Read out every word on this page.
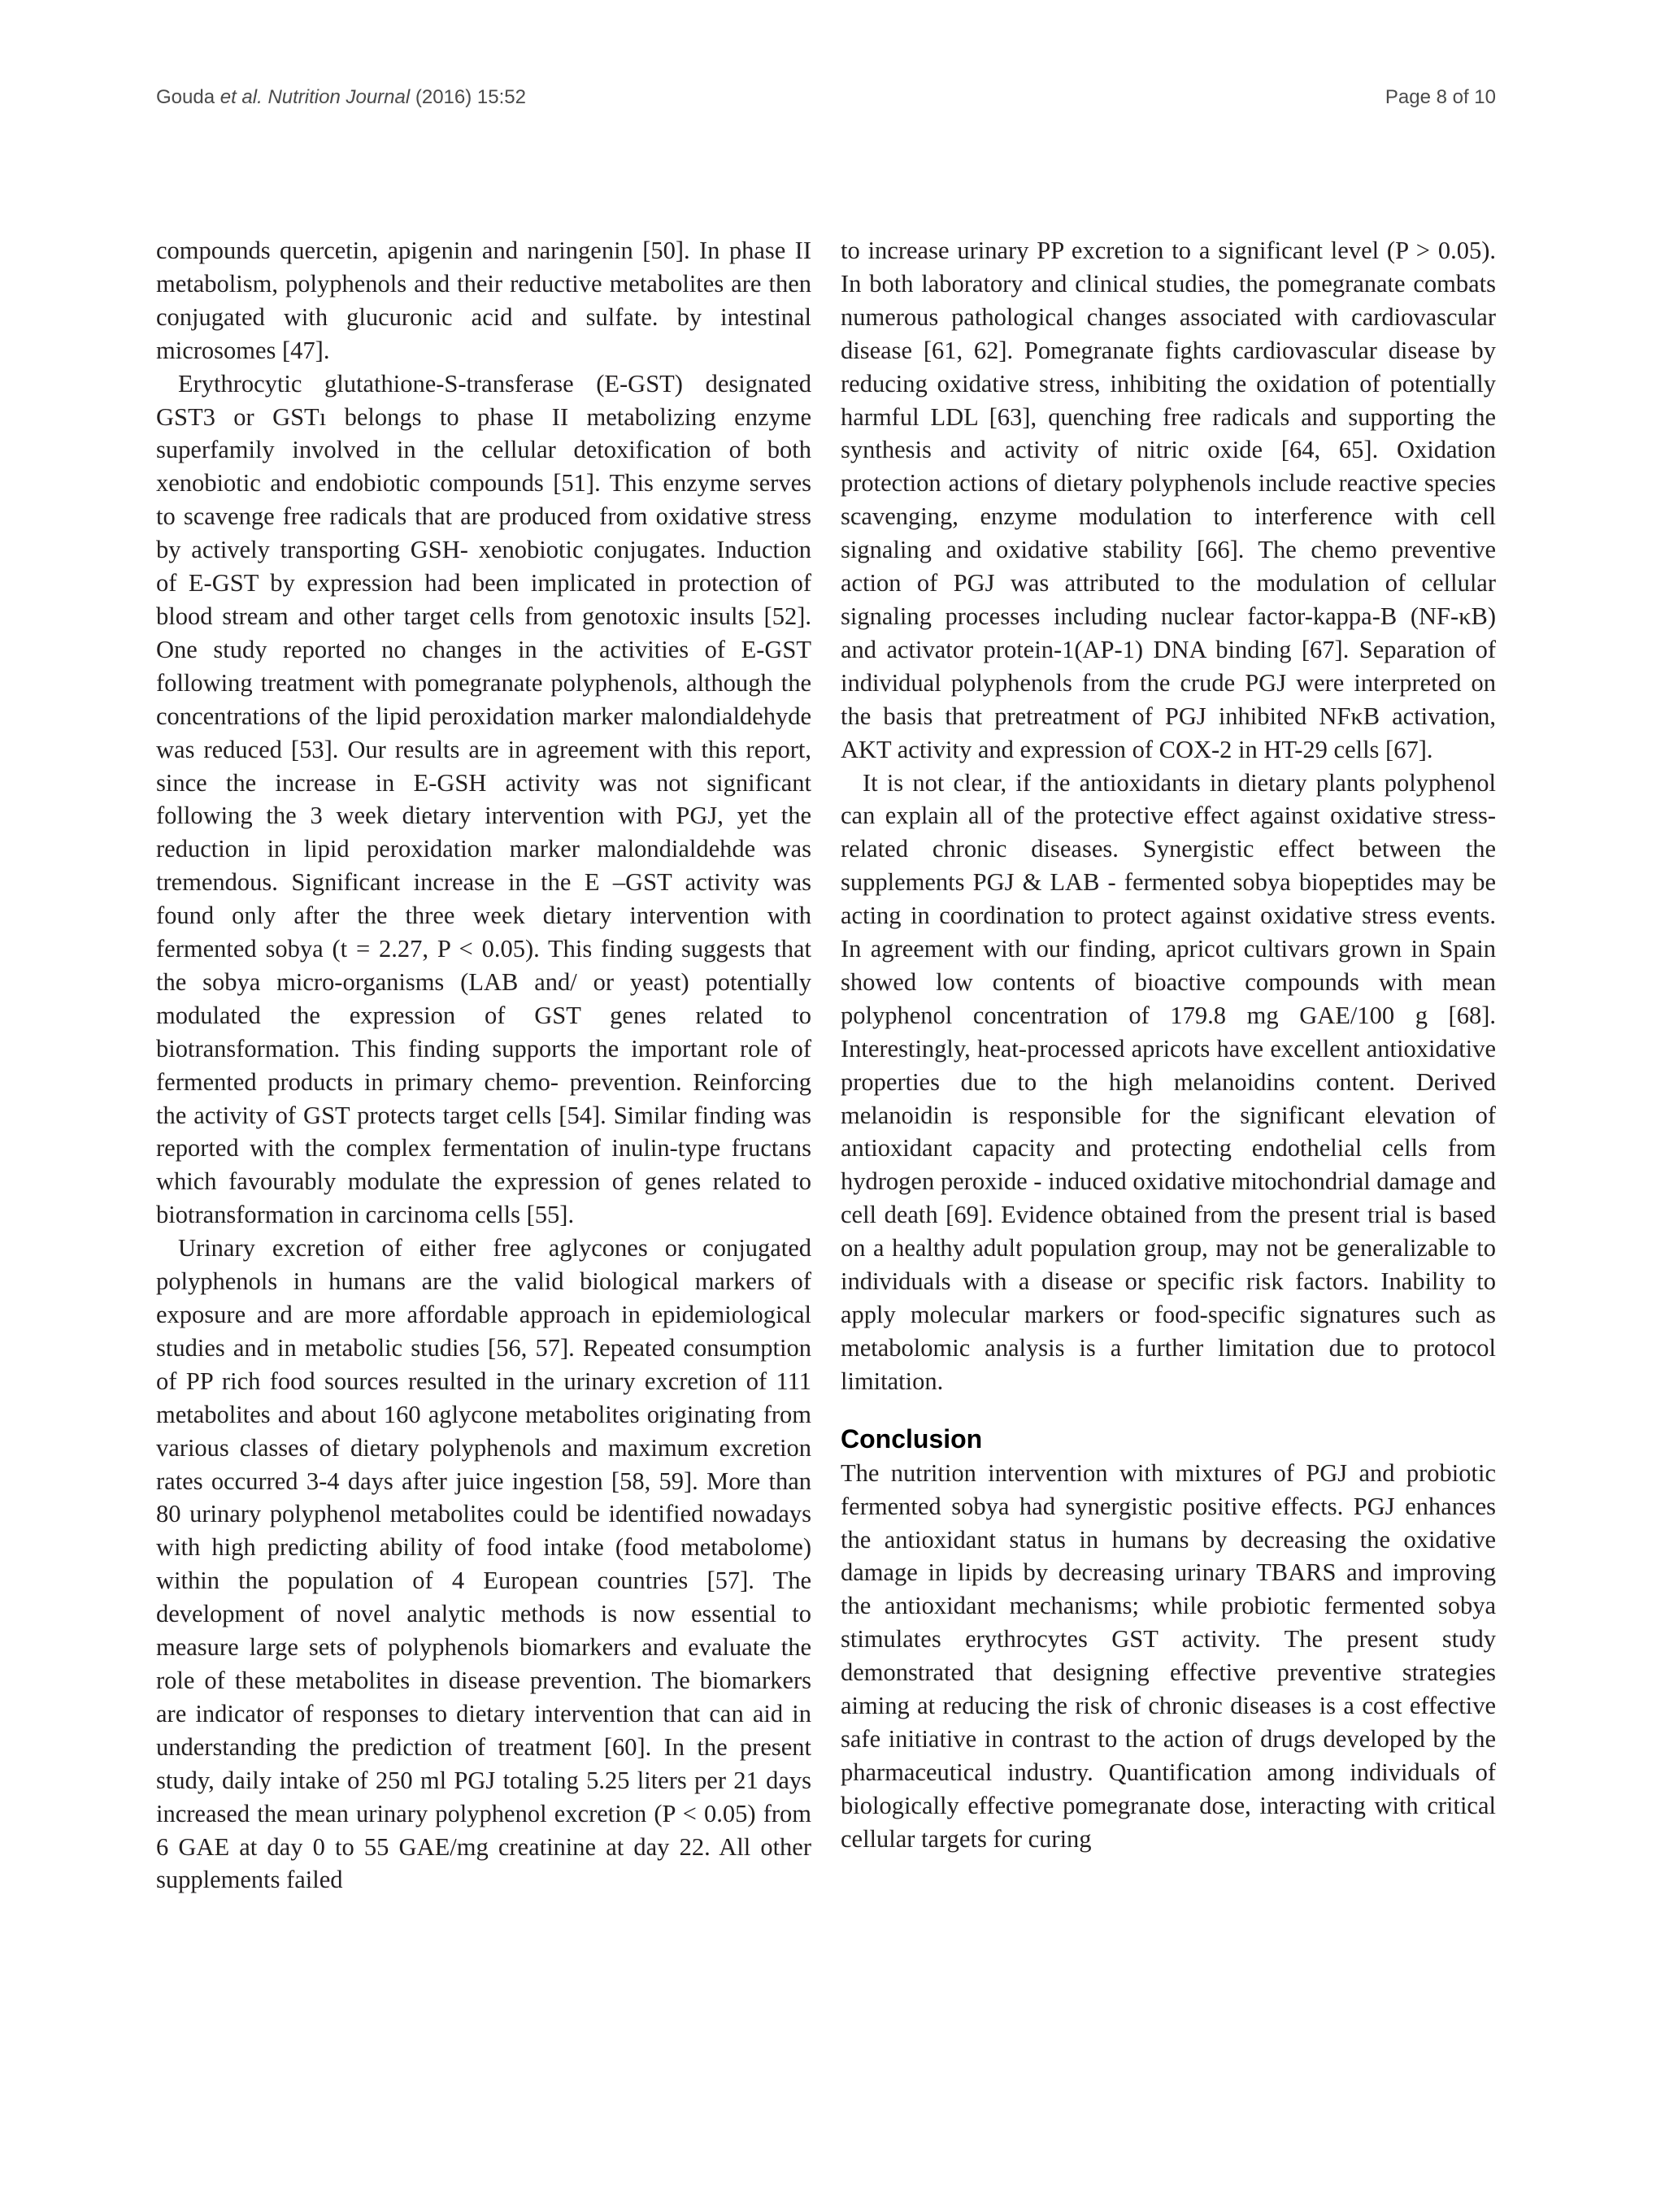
Gouda et al. Nutrition Journal (2016) 15:52	Page 8 of 10

compounds quercetin, apigenin and naringenin [50]. In phase II metabolism, polyphenols and their reductive metabolites are then conjugated with glucuronic acid and sulfate. by intestinal microsomes [47].

Erythrocytic glutathione-S-transferase (E-GST) designated GST3 or GSTı belongs to phase II metabolizing enzyme superfamily involved in the cellular detoxification of both xenobiotic and endobiotic compounds [51]. This enzyme serves to scavenge free radicals that are produced from oxidative stress by actively transporting GSH- xenobiotic conjugates. Induction of E-GST by expression had been implicated in protection of blood stream and other target cells from genotoxic insults [52]. One study reported no changes in the activities of E-GST following treatment with pomegranate polyphenols, although the concentrations of the lipid peroxidation marker malondialdehyde was reduced [53]. Our results are in agreement with this report, since the increase in E-GSH activity was not significant following the 3 week dietary intervention with PGJ, yet the reduction in lipid peroxidation marker malondialdehde was tremendous. Significant increase in the E –GST activity was found only after the three week dietary intervention with fermented sobya (t = 2.27, P < 0.05). This finding suggests that the sobya micro-organisms (LAB and/ or yeast) potentially modulated the expression of GST genes related to biotransformation. This finding supports the important role of fermented products in primary chemo- prevention. Reinforcing the activity of GST protects target cells [54]. Similar finding was reported with the complex fermentation of inulin-type fructans which favourably modulate the expression of genes related to biotransformation in carcinoma cells [55].

Urinary excretion of either free aglycones or conjugated polyphenols in humans are the valid biological markers of exposure and are more affordable approach in epidemiological studies and in metabolic studies [56, 57]. Repeated consumption of PP rich food sources resulted in the urinary excretion of 111 metabolites and about 160 aglycone metabolites originating from various classes of dietary polyphenols and maximum excretion rates occurred 3-4 days after juice ingestion [58, 59]. More than 80 urinary polyphenol metabolites could be identified nowadays with high predicting ability of food intake (food metabolome) within the population of 4 European countries [57]. The development of novel analytic methods is now essential to measure large sets of polyphenols biomarkers and evaluate the role of these metabolites in disease prevention. The biomarkers are indicator of responses to dietary intervention that can aid in understanding the prediction of treatment [60]. In the present study, daily intake of 250 ml PGJ totaling 5.25 liters per 21 days increased the mean urinary polyphenol excretion (P < 0.05) from 6 GAE at day 0 to 55 GAE/mg creatinine at day 22. All other supplements failed

to increase urinary PP excretion to a significant level (P > 0.05). In both laboratory and clinical studies, the pomegranate combats numerous pathological changes associated with cardiovascular disease [61, 62]. Pomegranate fights cardiovascular disease by reducing oxidative stress, inhibiting the oxidation of potentially harmful LDL [63], quenching free radicals and supporting the synthesis and activity of nitric oxide [64, 65]. Oxidation protection actions of dietary polyphenols include reactive species scavenging, enzyme modulation to interference with cell signaling and oxidative stability [66]. The chemo preventive action of PGJ was attributed to the modulation of cellular signaling processes including nuclear factor-kappa-B (NF-κB) and activator protein-1(AP-1) DNA binding [67]. Separation of individual polyphenols from the crude PGJ were interpreted on the basis that pretreatment of PGJ inhibited NFκB activation, AKT activity and expression of COX-2 in HT-29 cells [67].

It is not clear, if the antioxidants in dietary plants polyphenol can explain all of the protective effect against oxidative stress-related chronic diseases. Synergistic effect between the supplements PGJ & LAB - fermented sobya biopeptides may be acting in coordination to protect against oxidative stress events. In agreement with our finding, apricot cultivars grown in Spain showed low contents of bioactive compounds with mean polyphenol concentration of 179.8 mg GAE/100 g [68]. Interestingly, heat-processed apricots have excellent antioxidative properties due to the high melanoidins content. Derived melanoidin is responsible for the significant elevation of antioxidant capacity and protecting endothelial cells from hydrogen peroxide - induced oxidative mitochondrial damage and cell death [69]. Evidence obtained from the present trial is based on a healthy adult population group, may not be generalizable to individuals with a disease or specific risk factors. Inability to apply molecular markers or food-specific signatures such as metabolomic analysis is a further limitation due to protocol limitation.

Conclusion

The nutrition intervention with mixtures of PGJ and probiotic fermented sobya had synergistic positive effects. PGJ enhances the antioxidant status in humans by decreasing the oxidative damage in lipids by decreasing urinary TBARS and improving the antioxidant mechanisms; while probiotic fermented sobya stimulates erythrocytes GST activity. The present study demonstrated that designing effective preventive strategies aiming at reducing the risk of chronic diseases is a cost effective safe initiative in contrast to the action of drugs developed by the pharmaceutical industry. Quantification among individuals of biologically effective pomegranate dose, interacting with critical cellular targets for curing
